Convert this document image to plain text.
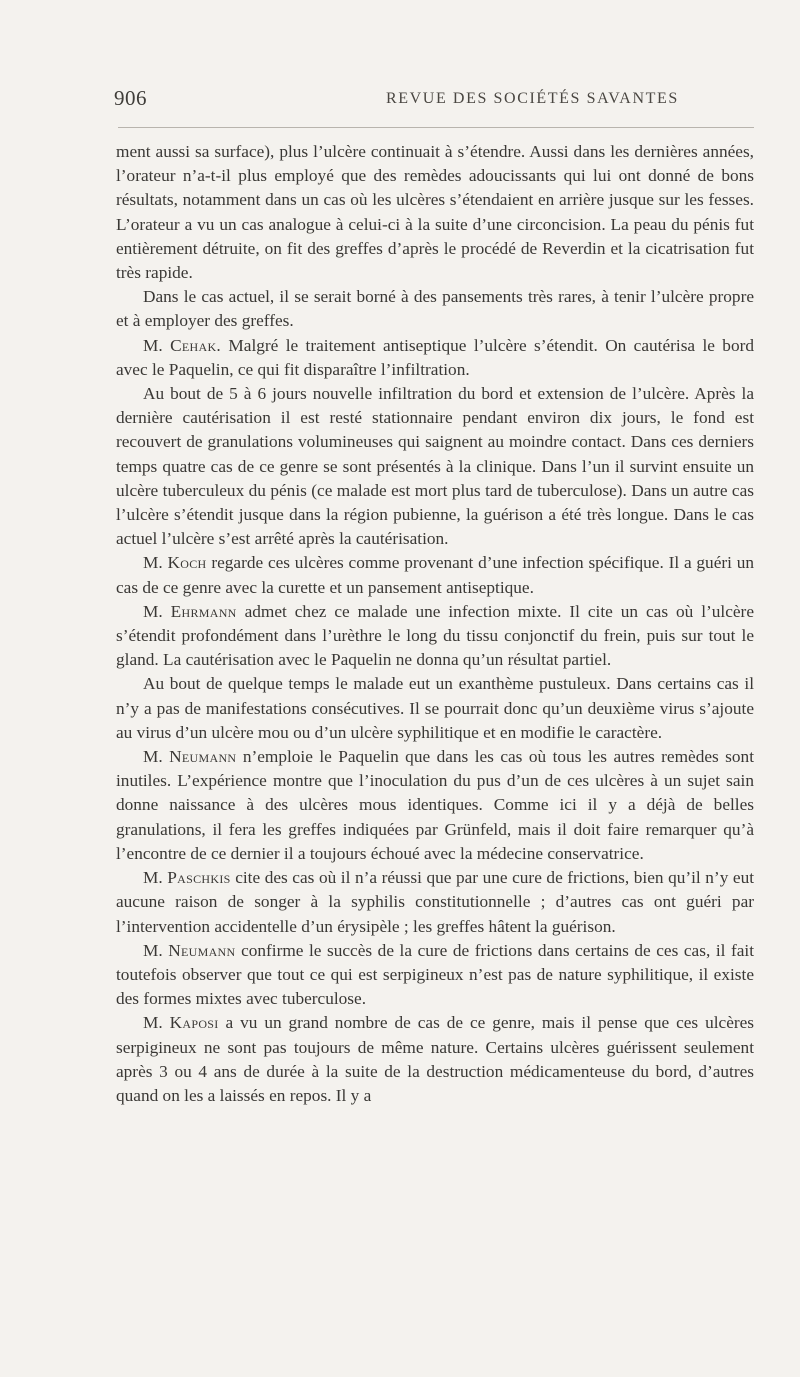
906	REVUE DES SOCIÉTÉS SAVANTES

ment aussi sa surface), plus l’ulcère continuait à s’étendre. Aussi dans les dernières années, l’orateur n’a-t-il plus employé que des remèdes adoucissants qui lui ont donné de bons résultats, notamment dans un cas où les ulcères s’étendaient en arrière jusque sur les fesses. L’orateur a vu un cas analogue à celui-ci à la suite d’une circoncision. La peau du pénis fut entièrement détruite, on fit des greffes d’après le procédé de Reverdin et la cicatrisation fut très rapide.

Dans le cas actuel, il se serait borné à des pansements très rares, à tenir l’ulcère propre et à employer des greffes.

M. Cehak. Malgré le traitement antiseptique l’ulcère s’étendit. On cautérisa le bord avec le Paquelin, ce qui fit disparaître l’infiltration.

Au bout de 5 à 6 jours nouvelle infiltration du bord et extension de l’ulcère. Après la dernière cautérisation il est resté stationnaire pendant environ dix jours, le fond est recouvert de granulations volumineuses qui saignent au moindre contact. Dans ces derniers temps quatre cas de ce genre se sont présentés à la clinique. Dans l’un il survint ensuite un ulcère tuberculeux du pénis (ce malade est mort plus tard de tuberculose). Dans un autre cas l’ulcère s’étendit jusque dans la région pubienne, la guérison a été très longue. Dans le cas actuel l’ulcère s’est arrêté après la cautérisation.

M. Koch regarde ces ulcères comme provenant d’une infection spécifique. Il a guéri un cas de ce genre avec la curette et un pansement antiseptique.

M. Ehrmann admet chez ce malade une infection mixte. Il cite un cas où l’ulcère s’étendit profondément dans l’urèthre le long du tissu conjonctif du frein, puis sur tout le gland. La cautérisation avec le Paquelin ne donna qu’un résultat partiel.

Au bout de quelque temps le malade eut un exanthème pustuleux. Dans certains cas il n’y a pas de manifestations consécutives. Il se pourrait donc qu’un deuxième virus s’ajoute au virus d’un ulcère mou ou d’un ulcère syphilitique et en modifie le caractère.

M. Neumann n’emploie le Paquelin que dans les cas où tous les autres remèdes sont inutiles. L’expérience montre que l’inoculation du pus d’un de ces ulcères à un sujet sain donne naissance à des ulcères mous identiques. Comme ici il y a déjà de belles granulations, il fera les greffes indiquées par Grünfeld, mais il doit faire remarquer qu’à l’encontre de ce dernier il a toujours échoué avec la médecine conservatrice.

M. Paschkis cite des cas où il n’a réussi que par une cure de frictions, bien qu’il n’y eut aucune raison de songer à la syphilis constitutionnelle ; d’autres cas ont guéri par l’intervention accidentelle d’un érysipèle ; les greffes hâtent la guérison.

M. Neumann confirme le succès de la cure de frictions dans certains de ces cas, il fait toutefois observer que tout ce qui est serpigineux n’est pas de nature syphilitique, il existe des formes mixtes avec tuberculose.

M. Kaposi a vu un grand nombre de cas de ce genre, mais il pense que ces ulcères serpigineux ne sont pas toujours de même nature. Certains ulcères guérissent seulement après 3 ou 4 ans de durée à la suite de la destruction médicamenteuse du bord, d’autres quand on les a laissés en repos. Il y a
